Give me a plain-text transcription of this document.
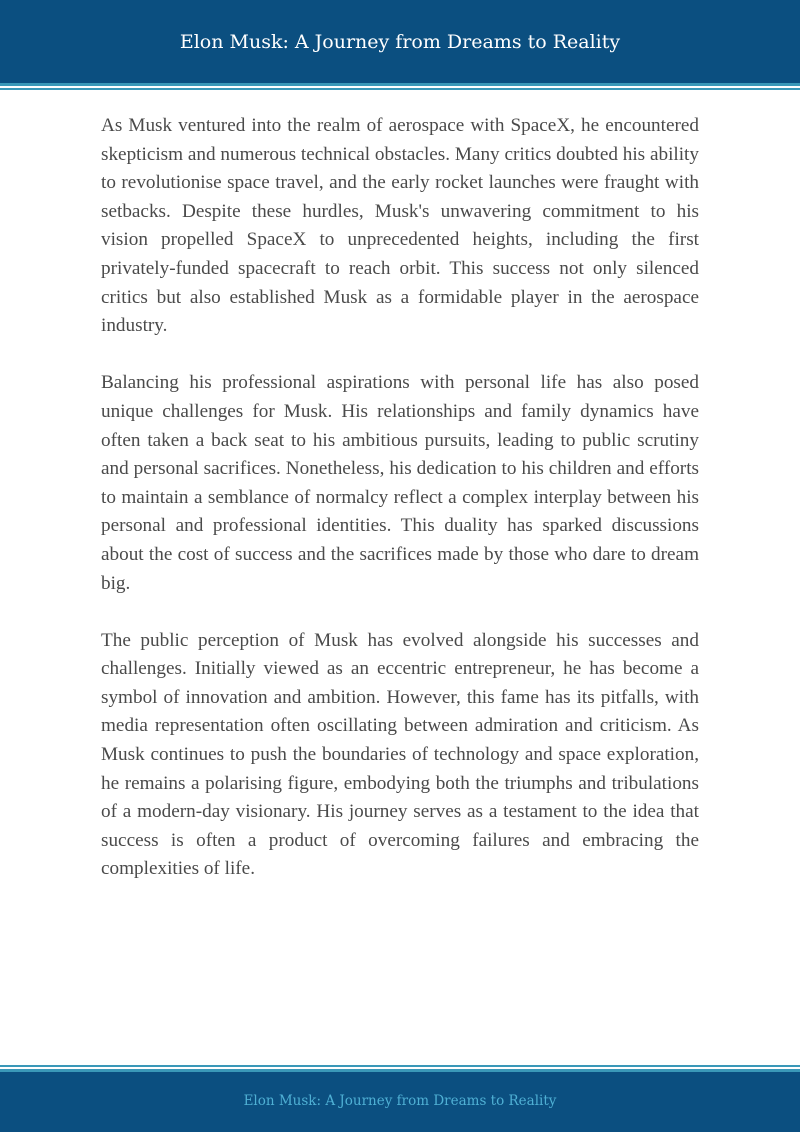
Elon Musk: A Journey from Dreams to Reality

As Musk ventured into the realm of aerospace with SpaceX, he encountered skepticism and numerous technical obstacles. Many critics doubted his ability to revolutionise space travel, and the early rocket launches were fraught with setbacks. Despite these hurdles, Musk's unwavering commitment to his vision propelled SpaceX to unprecedented heights, including the first privately-funded spacecraft to reach orbit. This success not only silenced critics but also established Musk as a formidable player in the aerospace industry.

Balancing his professional aspirations with personal life has also posed unique challenges for Musk. His relationships and family dynamics have often taken a back seat to his ambitious pursuits, leading to public scrutiny and personal sacrifices. Nonetheless, his dedication to his children and efforts to maintain a semblance of normalcy reflect a complex interplay between his personal and professional identities. This duality has sparked discussions about the cost of success and the sacrifices made by those who dare to dream big.

The public perception of Musk has evolved alongside his successes and challenges. Initially viewed as an eccentric entrepreneur, he has become a symbol of innovation and ambition. However, this fame has its pitfalls, with media representation often oscillating between admiration and criticism. As Musk continues to push the boundaries of technology and space exploration, he remains a polarising figure, embodying both the triumphs and tribulations of a modern-day visionary. His journey serves as a testament to the idea that success is often a product of overcoming failures and embracing the complexities of life.

Elon Musk: A Journey from Dreams to Reality
